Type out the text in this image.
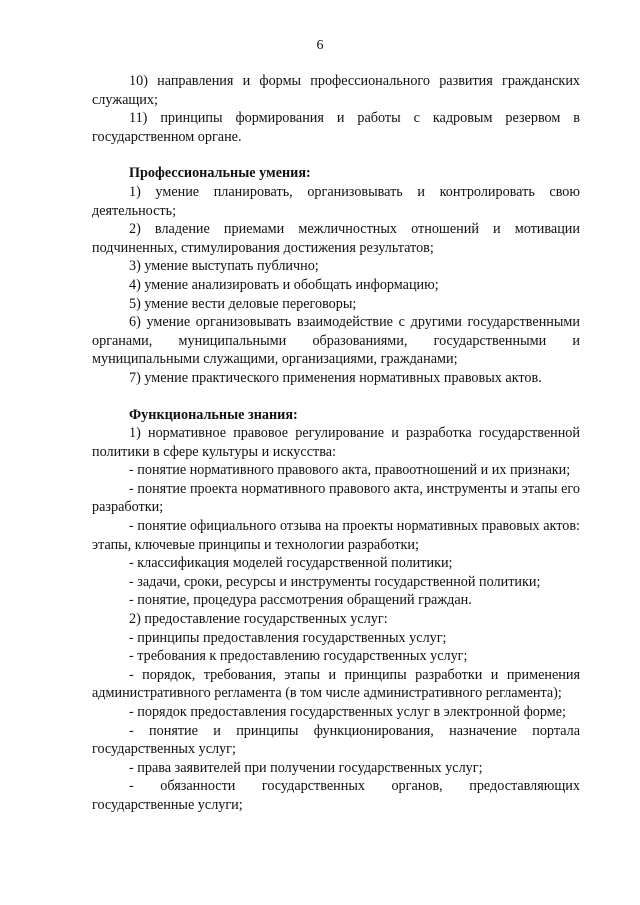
6

10) направления и формы профессионального развития гражданских служащих;

11) принципы формирования и работы с кадровым резервом в государственном органе.

Профессиональные умения:

1) умение планировать, организовывать и контролировать свою деятельность;

2) владение приемами межличностных отношений и мотивации подчиненных, стимулирования достижения результатов;

3) умение выступать публично;

4) умение анализировать и обобщать информацию;

5) умение вести деловые переговоры;

6) умение организовывать взаимодействие с другими государственными органами, муниципальными образованиями, государственными и муниципальными служащими, организациями, гражданами;

7) умение практического применения нормативных правовых актов.

Функциональные знания:

1) нормативное правовое регулирование и разработка государственной политики в сфере культуры и искусства:

- понятие нормативного правового акта, правоотношений и их признаки;

- понятие проекта нормативного правового акта, инструменты и этапы его разработки;

- понятие официального отзыва на проекты нормативных правовых актов: этапы, ключевые принципы и технологии разработки;

- классификация моделей государственной политики;

- задачи, сроки, ресурсы и инструменты государственной политики;

- понятие, процедура рассмотрения обращений граждан.

2) предоставление государственных услуг:

- принципы предоставления государственных услуг;

- требования к предоставлению государственных услуг;

- порядок, требования, этапы и принципы разработки и применения административного регламента (в том числе административного регламента);

- порядок предоставления государственных услуг в электронной форме;

- понятие и принципы функционирования, назначение портала государственных услуг;

- права заявителей при получении государственных услуг;

- обязанности государственных органов, предоставляющих государственные услуги;
